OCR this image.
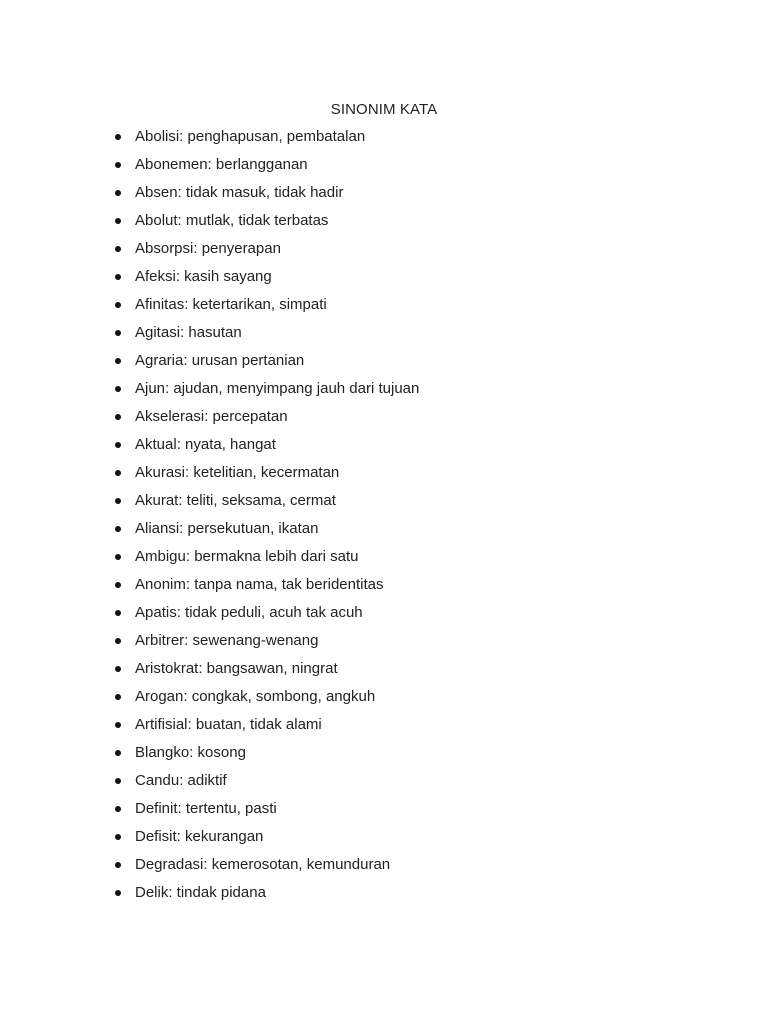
SINONIM KATA
Abolisi: penghapusan, pembatalan
Abonemen: berlangganan
Absen: tidak masuk, tidak hadir
Abolut: mutlak, tidak terbatas
Absorpsi: penyerapan
Afeksi: kasih sayang
Afinitas: ketertarikan, simpati
Agitasi: hasutan
Agraria: urusan pertanian
Ajun: ajudan, menyimpang jauh dari tujuan
Akselerasi: percepatan
Aktual: nyata, hangat
Akurasi: ketelitian, kecermatan
Akurat: teliti, seksama, cermat
Aliansi: persekutuan, ikatan
Ambigu: bermakna lebih dari satu
Anonim: tanpa nama, tak beridentitas
Apatis: tidak peduli, acuh tak acuh
Arbitrer: sewenang-wenang
Aristokrat: bangsawan, ningrat
Arogan: congkak, sombong, angkuh
Artifisial: buatan, tidak alami
Blangko: kosong
Candu: adiktif
Definit: tertentu, pasti
Defisit: kekurangan
Degradasi: kemerosotan, kemunduran
Delik: tindak pidana
